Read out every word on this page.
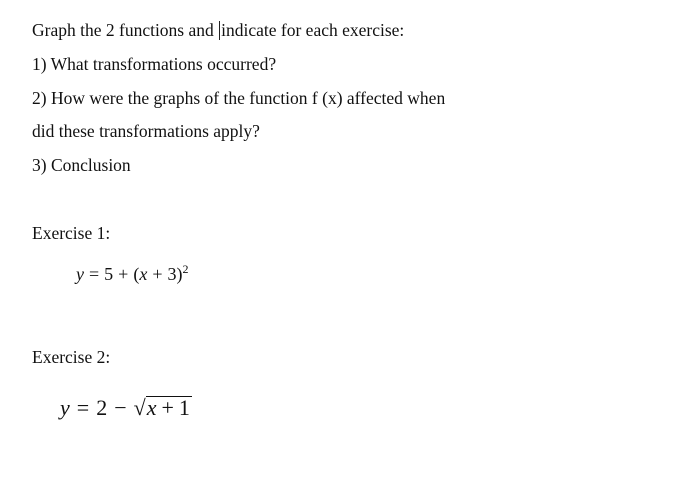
Graph the 2 functions and indicate for each exercise:
1) What transformations occurred?
2) How were the graphs of the function f (x) affected when
did these transformations apply?
3) Conclusion
Exercise 1:
$y = 5 + (x + 3)^2$
Exercise 2:
y = 2 − √x + 1
